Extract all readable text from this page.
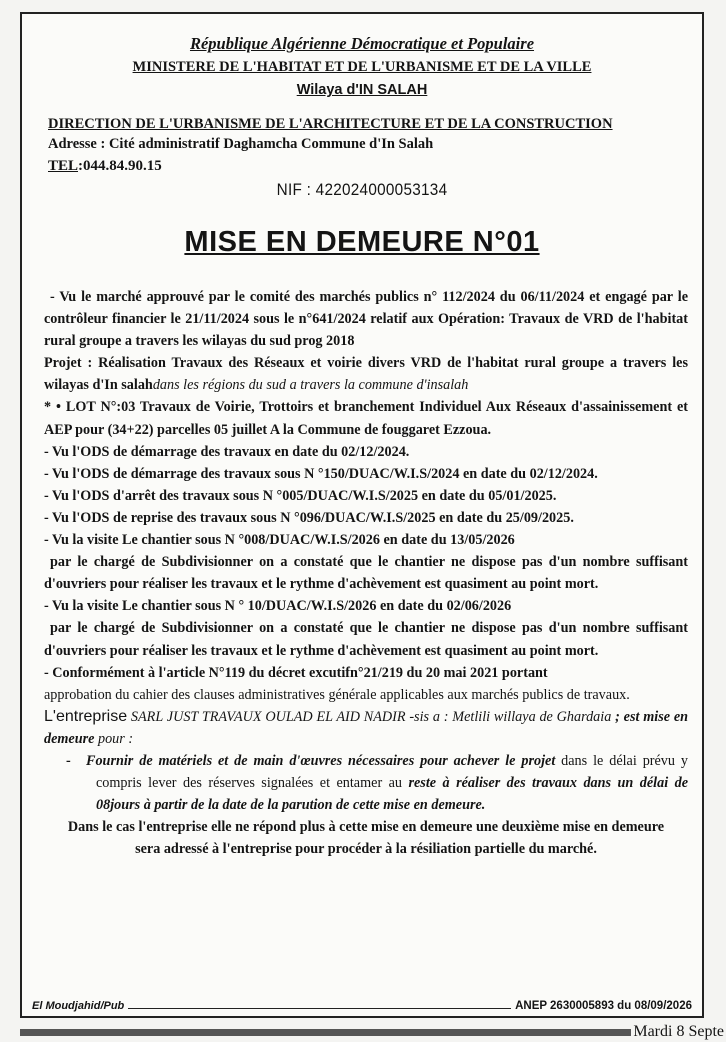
République Algérienne Démocratique et Populaire
MINISTERE DE L'HABITAT ET DE L'URBANISME ET DE LA VILLE
Wilaya d'IN SALAH
DIRECTION DE L'URBANISME DE L'ARCHITECTURE ET DE LA CONSTRUCTION
Adresse : Cité administratif Daghamcha Commune d'In Salah
TEL:044.84.90.15
NIF : 422024000053134
MISE EN DEMEURE N°01

- Vu le marché approuvé par le comité des marchés publics n° 112/2024 du 06/11/2024 et engagé par le contrôleur financier le 21/11/2024 sous le n°641/2024 relatif aux Opération: Travaux de VRD de l'habitat rural groupe a travers les wilayas du sud prog 2018

Projet : Réalisation Travaux des Réseaux et voirie divers VRD de l'habitat rural groupe a travers les wilayas d'In salahdans les régions du sud a travers la commune d'insalah

* • LOT N°:03 Travaux de Voirie, Trottoirs et branchement Individuel Aux Réseaux d'assainissement et AEP pour (34+22) parcelles 05 juillet A la Commune de fouggaret Ezzoua.

- Vu l'ODS de démarrage des travaux en date du 02/12/2024.

- Vu l'ODS de démarrage des travaux sous N °150/DUAC/W.I.S/2024 en date du 02/12/2024.

- Vu l'ODS d'arrêt des travaux sous N °005/DUAC/W.I.S/2025 en date du 05/01/2025.

- Vu l'ODS de reprise des travaux sous N °096/DUAC/W.I.S/2025 en date du 25/09/2025.

- Vu la visite Le chantier sous N °008/DUAC/W.I.S/2026 en date du 13/05/2026

par le chargé de Subdivisionner on a constaté que le chantier ne dispose pas d'un nombre suffisant d'ouvriers pour réaliser les travaux et le rythme d'achèvement est quasiment au point mort.

- Vu la visite Le chantier sous N ° 10/DUAC/W.I.S/2026 en date du 02/06/2026

par le chargé de Subdivisionner on a constaté que le chantier ne dispose pas d'un nombre suffisant d'ouvriers pour réaliser les travaux et le rythme d'achèvement est quasiment au point mort.

- Conformément à l'article N°119 du décret excutifn°21/219 du 20 mai 2021 portant

approbation du cahier des clauses administratives générale applicables aux marchés publics de travaux.

L'entreprise SARL JUST TRAVAUX OULAD EL AID NADIR -sis a : Metlili willaya de Ghardaia ; est mise en demeure pour :

- Fournir de matériels et de main d'œuvres nécessaires pour achever le projet dans le délai prévu y compris lever des réserves signalées et entamer au reste à réaliser des travaux dans un délai de 08jours à partir de la date de la parution de cette mise en demeure.

Dans le cas l'entreprise elle ne répond plus à cette mise en demeure une deuxième mise en demeure sera adressé à l'entreprise pour procéder à la résiliation partielle du marché.

El Moudjahid/Pub	ANEP 2630005893 du 08/09/2026
Mardi 8 Septe
